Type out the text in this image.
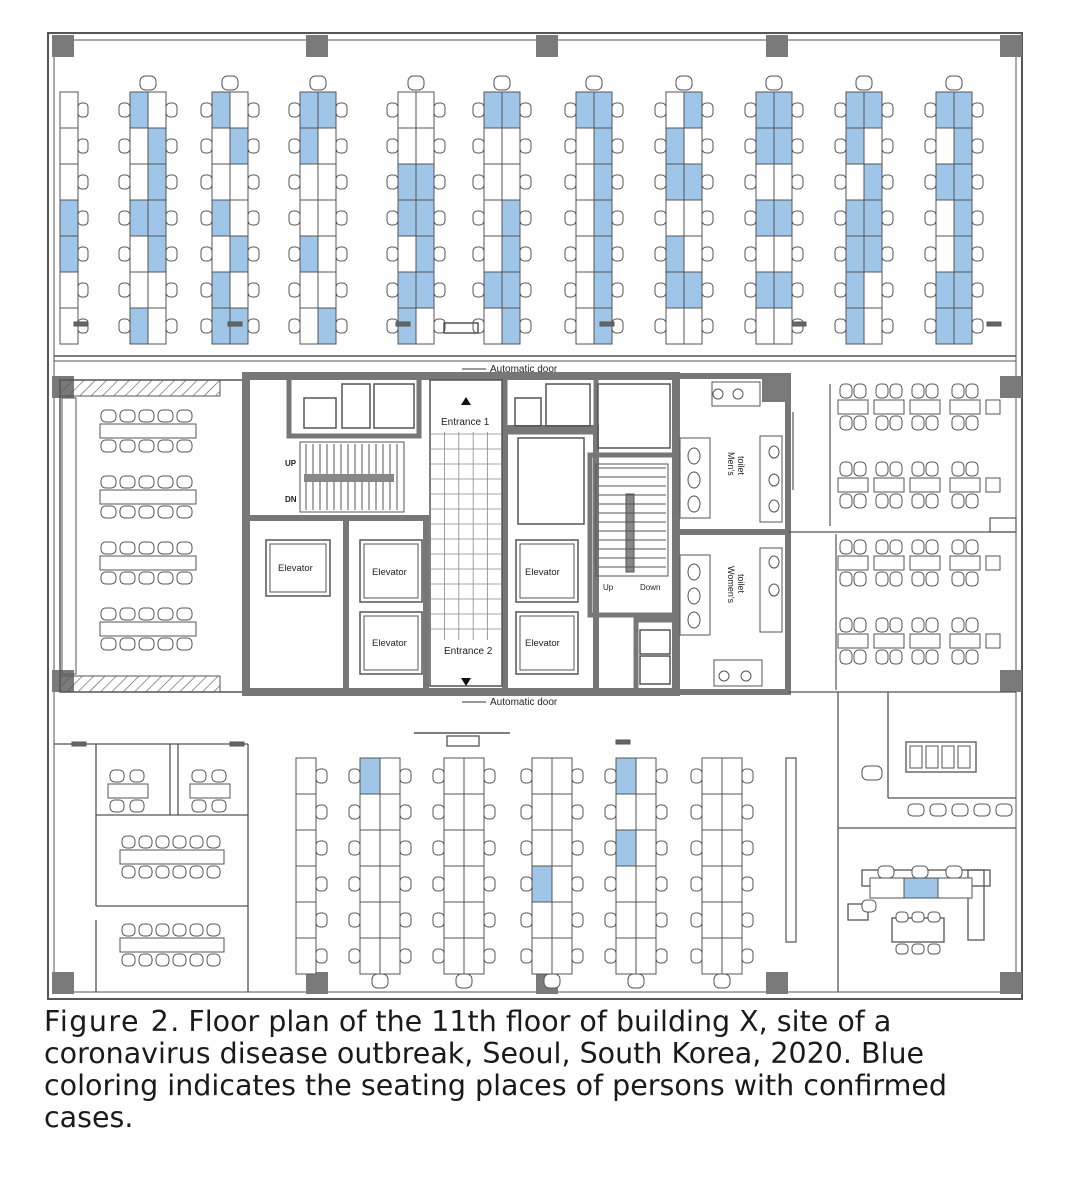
Automatic door
Automatic door
Entrance 1
Entrance 2
UP
DN
Up	Down
Elevator	Elevator
Elevator
Elevator
Elevator
Men's toilet
Women's toilet

Figure 2. Floor plan of the 11th floor of building X, site of a coronavirus disease outbreak, Seoul, South Korea, 2020. Blue coloring indicates the seating places of persons with confirmed cases.
